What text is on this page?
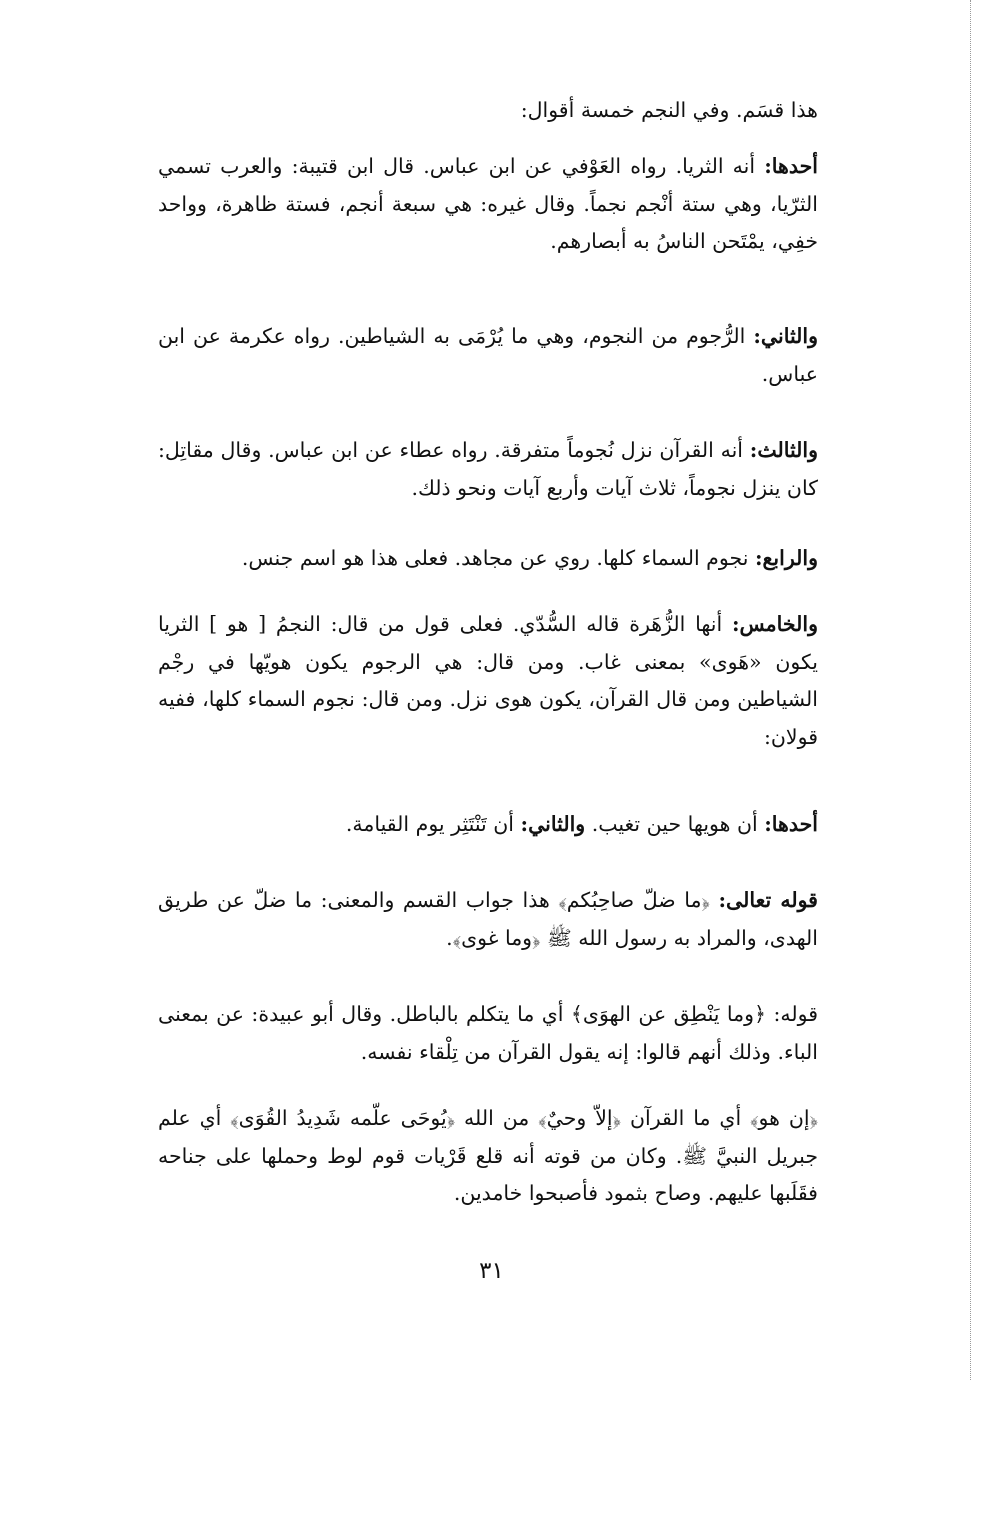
هذا قسَم. وفي النجم خمسة أقوال:
أحدها: أنه الثريا. رواه العَوْفي عن ابن عباس. قال ابن قتيبة: والعرب تسمي الثرّيا، وهي ستة أنْجم نجماً. وقال غيره: هي سبعة أنجم، فستة ظاهرة، وواحد خفِي، يمْتَحن الناسُ به أبصارهم.
والثاني: الرُّجوم من النجوم، وهي ما يُرْمَى به الشياطين. رواه عكرمة عن ابن عباس.
والثالث: أنه القرآن نزل نُجوماً متفرقة. رواه عطاء عن ابن عباس. وقال مقاتِل: كان ينزل نجوماً، ثلاث آيات وأربع آيات ونحو ذلك.
والرابع: نجوم السماء كلها. روي عن مجاهد. فعلى هذا هو اسم جنس.
والخامس: أنها الزُّهَرة قاله السُّدّي. فعلى قول من قال: النجمُ [ هو ] الثريا يكون «هَوى» بمعنى غاب. ومن قال: هي الرجوم يكون هويّها في رجْم الشياطين ومن قال القرآن، يكون هوى نزل. ومن قال: نجوم السماء كلها، ففيه قولان:
أحدها: أن هويها حين تغيب. والثاني: أن تَنْتَثِر يوم القيامة.
قوله تعالى: ﴿ما ضلّ صاحِبُكم﴾ هذا جواب القسم والمعنى: ما ضلّ عن طريق الهدى، والمراد به رسول الله ﷺ ﴿وما غوى﴾.
قوله: ﴿وما يَنْطِق عن الهوَى﴾ أي ما يتكلم بالباطل. وقال أبو عبيدة: عن بمعنى الباء. وذلك أنهم قالوا: إنه يقول القرآن من تِلْقاء نفسه.
﴿إن هو﴾ أي ما القرآن ﴿إلاّ وحيٌ﴾ من الله ﴿يُوحَى علّمه شَدِيدُ القُوَى﴾ أي علم جبريل النبيَّ ﷺ. وكان من قوته أنه قلع قَرْيات قوم لوط وحملها على جناحه فقَلَبها عليهم. وصاح بثمود فأصبحوا خامدين.
٣١
